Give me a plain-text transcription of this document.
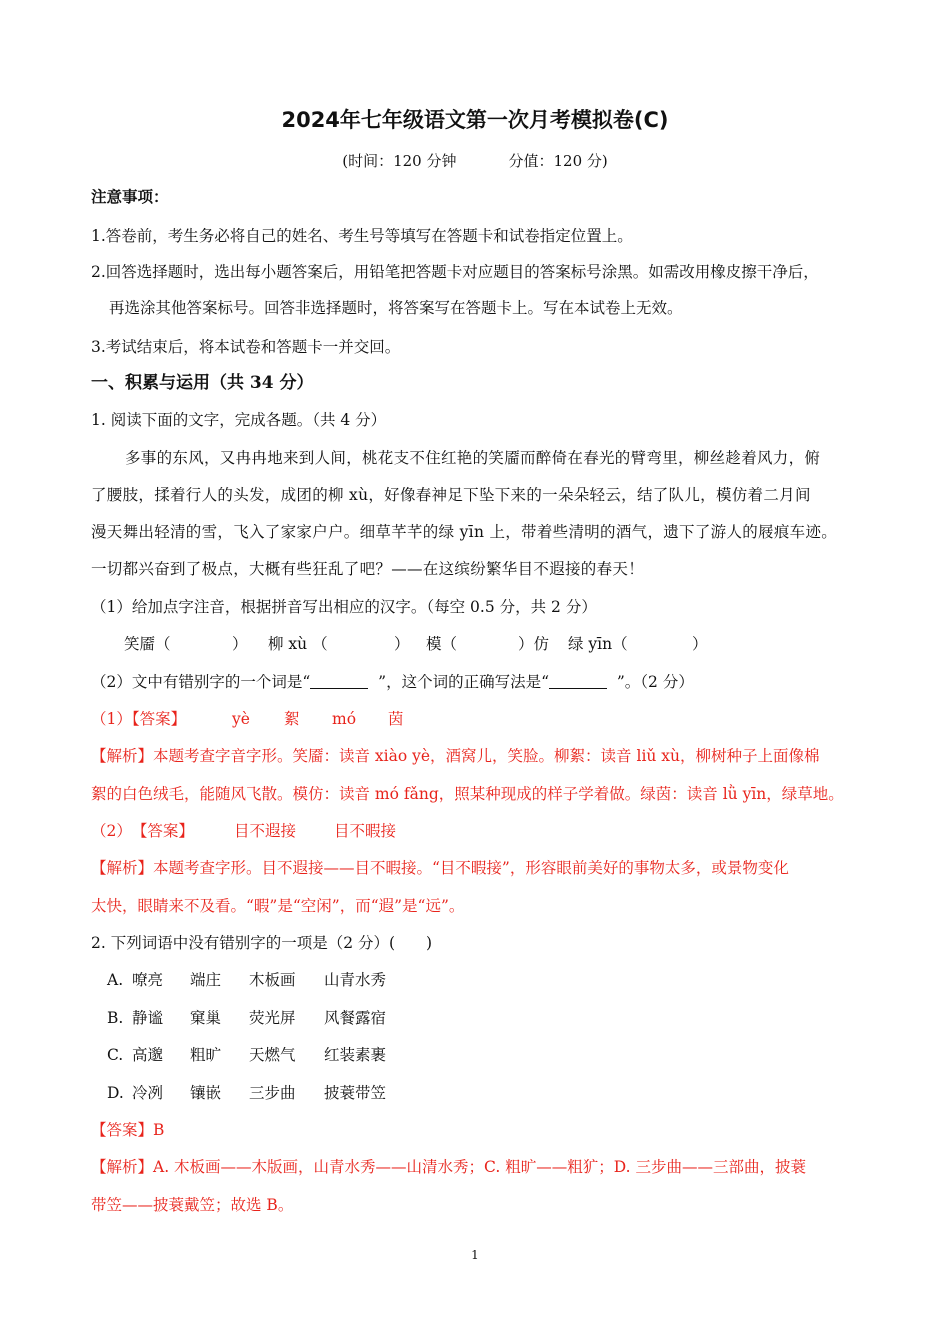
2024年七年级语文第一次月考模拟卷(C)
(时间：120 分钟	分值：120 分)
注意事项：
1.答卷前，考生务必将自己的姓名、考生号等填写在答题卡和试卷指定位置上。
2.回答选择题时，选出每小题答案后，用铅笔把答题卡对应题目的答案标号涂黑。如需改用橡皮擦干净后，
再选涂其他答案标号。回答非选择题时，将答案写在答题卡上。写在本试卷上无效。
3.考试结束后，将本试卷和答题卡一并交回。
一、积累与运用（共 34 分）
1. 阅读下面的文字，完成各题。（共 4 分）
多事的东风，又冉冉地来到人间，桃花支不住红艳的笑靥而醉倚在春光的臂弯里，柳丝趁着风力，俯
了腰肢，揉着行人的头发，成团的柳 xù，好像春神足下坠下来的一朵朵轻云，结了队儿，模仿着二月间
漫天舞出轻清的雪，飞入了家家户户。细草芊芊的绿 yīn 上，带着些清明的酒气，遗下了游人的屐痕车迹。
一切都兴奋到了极点，大概有些狂乱了吧？——在这缤纷繁华目不遐接的春天！
（1）给加点字注音，根据拼音写出相应的汉字。（每空 0.5 分，共 2 分）
笑靥（	） 柳 xù （	） 模（	）仿 绿 yīn（	）
（2）文中有错别字的一个词是“	”，这个词的正确写法是“	”。（2 分）
（1）【答案】	yè 絮 mó 茵
【解析】本题考查字音字形。笑靥：读音 xiào yè，酒窝儿，笑脸。柳絮：读音 liǔ xù，柳树种子上面像棉
絮的白色绒毛，能随风飞散。模仿：读音 mó fǎng，照某种现成的样子学着做。绿茵：读音 lǜ yīn，绿草地。
（2）　【答案】	目不遐接 目不暇接
【解析】本题考查字形。目不遐接——目不暇接。“目不暇接”，形容眼前美好的事物太多，或景物变化
太快，眼睛来不及看。“暇”是“空闲”，而“遐”是“远”。
2. 下列词语中没有错别字的一项是（2 分）(　　)
A. 嘹亮 端庄 木板画 山青水秀
B. 静谧 窠巢 荧光屏 风餐露宿
C. 高邈 粗旷 天燃气 红装素裹
D. 冷冽 镶嵌 三步曲 披蓑带笠
【答案】B
【解析】A. 木板画——木版画，山青水秀——山清水秀；C. 粗旷——粗犷；D. 三步曲——三部曲，披蓑
带笠——披蓑戴笠；故选 B。
1
